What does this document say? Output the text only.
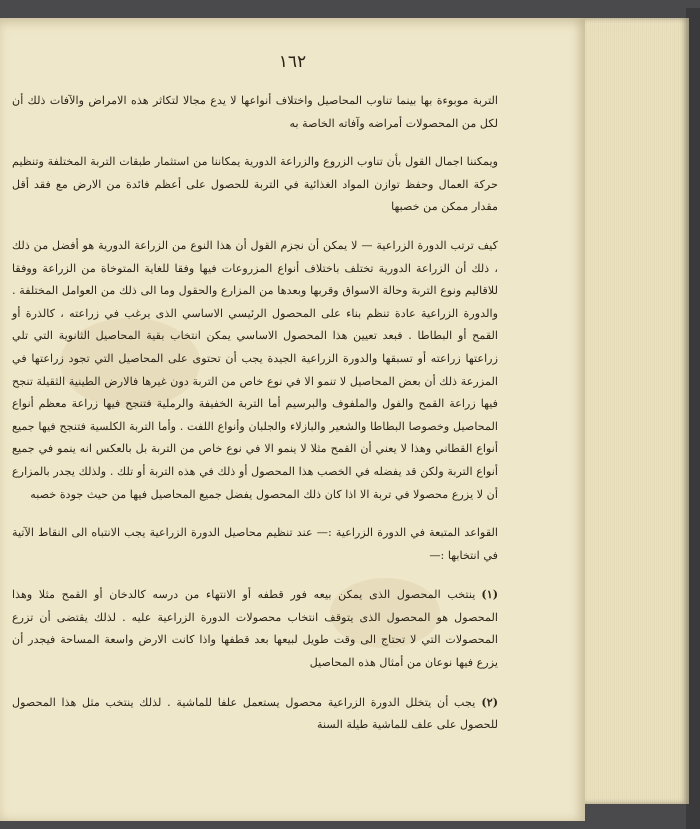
١٦٢

التربة موبوءة بها بينما تناوب المحاصيل واختلاف أنواعها لا يدع مجالا لتكاثر هذه الامراض والآفات ذلك أن لكل من المحصولات أمراضه وآفاته الخاصة به

ويمكننا اجمال القول بأن تناوب الزروع والزراعة الدورية يمكاننا من استثمار طبقات التربة المختلفة وتنظيم حركة العمال وحفظ توازن المواد الغذائية في التربة للحصول على أعظم فائدة من الارض مع فقد أقل مقدار ممكن من خصبها

كيف ترتب الدورة الزراعية — لا يمكن أن نجزم القول أن هذا النوع من الزراعة الدورية هو أفضل من ذلك ، ذلك أن الزراعة الدورية تختلف باختلاف أنواع المزروعات فيها وفقا للغاية المتوخاة من الزراعة ووفقا للاقاليم ونوع التربة وحالة الاسواق وقربها وبعدها من المزارع والحقول وما الى ذلك من العوامل المختلفة . والدورة الزراعية عادة تنظم بناء على المحصول الرئيسي الاساسي الذى يرغب في زراعته ، كالذرة أو القمح أو البطاطا . فبعد تعيين هذا المحصول الاساسي يمكن انتخاب بقية المحاصيل الثانوية التي تلي زراعتها زراعته أو تسبقها والدورة الزراعية الجيدة يجب أن تحتوى على المحاصيل التي تجود زراعتها في المزرعة ذلك أن بعض المحاصيل لا تنمو الا في نوع خاص من التربة دون غيرها فالارض الطينية الثقيلة تنجح فيها زراعة القمح والفول والملفوف والبرسيم أما التربة الخفيفة والرملية فتنجح فيها زراعة معظم أنواع المحاصيل وخصوصا البطاطا والشعير والبازلاء والجلبان وأنواع اللفت . وأما التربة الكلسية فتنجح فيها جميع أنواع القطاني وهذا لا يعني أن القمح مثلا لا ينمو الا في نوع خاص من التربة بل بالعكس انه ينمو في جميع أنواع التربة ولكن قد يفضله في الخصب هذا المحصول أو ذلك في هذه التربة أو تلك . ولذلك يجدر بالمزارع أن لا يزرع محصولا في تربة الا اذا كان ذلك المحصول يفضل جميع المحاصيل فيها من حيث جودة خصبه

القواعد المتبعة في الدورة الزراعية :— عند تنظيم محاصيل الدورة الزراعية يجب الانتباه الى النقاط الآتية في انتخابها :—

(١)ينتخب المحصول الذى يمكن بيعه فور قطفه أو الانتهاء من درسه كالدخان أو القمح مثلا وهذا المحصول هو المحصول الذى يتوقف انتخاب محصولات الدورة الزراعية عليه . لذلك يقتضى أن تزرع المحصولات التي لا تحتاج الى وقت طويل لبيعها بعد قطفها واذا كانت الارض واسعة المساحة فيجدر أن يزرع فيها نوعان من أمثال هذه المحاصيل

(٢)يجب أن يتخلل الدورة الزراعية محصول يستعمل علفا للماشية . لذلك ينتخب مثل هذا المحصول للحصول على علف للماشية طيلة السنة
